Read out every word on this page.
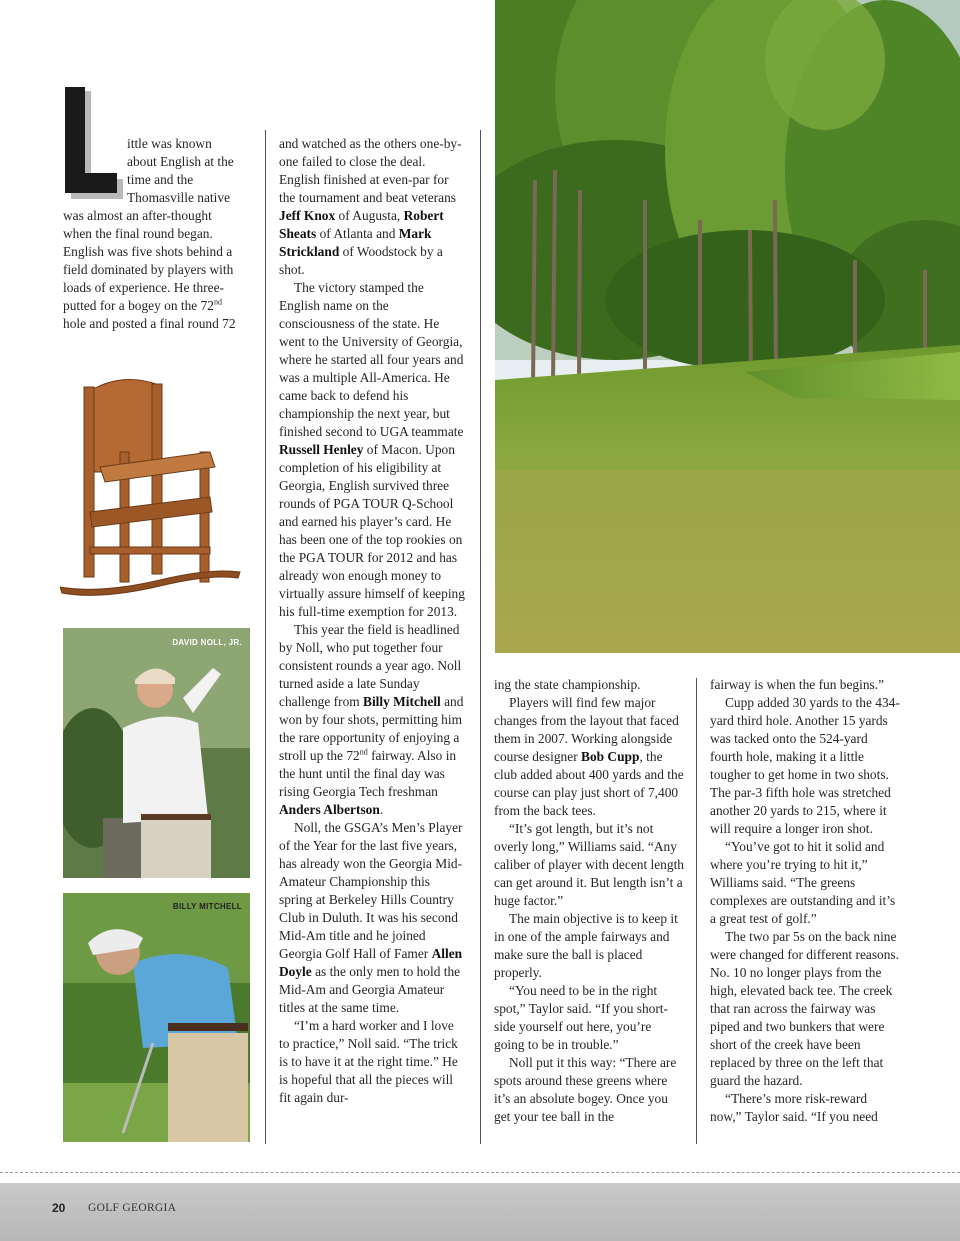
DAVID NOLL, JR.
BILLY MITCHELL

ittle was known about English at the time and the Thomasville native was almost an after-thought when the final round began. English was five shots behind a field dominated by players with loads of experience. He three-putted for a bogey on the 72nd hole and posted a final round 72

and watched as the others one-by-one failed to close the deal. English finished at even-par for the tournament and beat veterans Jeff Knox of Augusta, Robert Sheats of Atlanta and Mark Strickland of Woodstock by a shot.

The victory stamped the English name on the consciousness of the state. He went to the University of Georgia, where he started all four years and was a multiple All-America. He came back to defend his championship the next year, but finished second to UGA teammate Russell Henley of Macon. Upon completion of his eligibility at Georgia, English survived three rounds of PGA TOUR Q-School and earned his player’s card. He has been one of the top rookies on the PGA TOUR for 2012 and has already won enough money to virtually assure himself of keeping his full-time exemption for 2013.

This year the field is headlined by Noll, who put together four consistent rounds a year ago. Noll turned aside a late Sunday challenge from Billy Mitchell and won by four shots, permitting him the rare opportunity of enjoying a stroll up the 72nd fairway. Also in the hunt until the final day was rising Georgia Tech freshman Anders Albertson.

Noll, the GSGA’s Men’s Player of the Year for the last five years, has already won the Georgia Mid-Amateur Championship this spring at Berkeley Hills Country Club in Duluth. It was his second Mid-Am title and he joined Georgia Golf Hall of Famer Allen Doyle as the only men to hold the Mid-Am and Georgia Amateur titles at the same time.

“I’m a hard worker and I love to practice,” Noll said. “The trick is to have it at the right time.” He is hopeful that all the pieces will fit again dur-

ing the state championship.

Players will find few major changes from the layout that faced them in 2007. Working alongside course designer Bob Cupp, the club added about 400 yards and the course can play just short of 7,400 from the back tees.

“It’s got length, but it’s not overly long,” Williams said. “Any caliber of player with decent length can get around it. But length isn’t a huge factor.”

The main objective is to keep it in one of the ample fairways and make sure the ball is placed properly.

“You need to be in the right spot,” Taylor said. “If you short-side yourself out here, you’re going to be in trouble.”

Noll put it this way: “There are spots around these greens where it’s an absolute bogey. Once you get your tee ball in the

fairway is when the fun begins.”

Cupp added 30 yards to the 434-yard third hole. Another 15 yards was tacked onto the 524-yard fourth hole, making it a little tougher to get home in two shots. The par-3 fifth hole was stretched another 20 yards to 215, where it will require a longer iron shot.

“You’ve got to hit it solid and where you’re trying to hit it,” Williams said. “The greens complexes are outstanding and it’s a great test of golf.”

The two par 5s on the back nine were changed for different reasons. No. 10 no longer plays from the high, elevated back tee. The creek that ran across the fairway was piped and two bunkers that were short of the creek have been replaced by three on the left that guard the hazard.

“There’s more risk-reward now,” Taylor said. “If you need

20 GOLF GEORGIA
